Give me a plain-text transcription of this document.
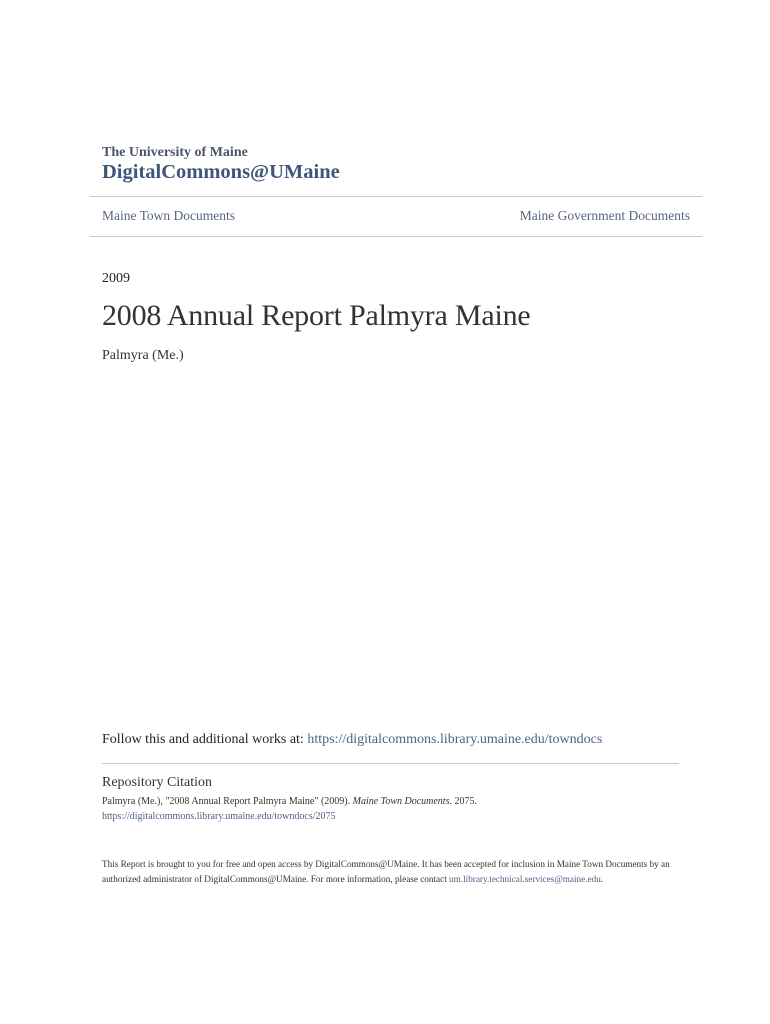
The University of Maine
DigitalCommons@UMaine
Maine Town Documents	Maine Government Documents
2009
2008 Annual Report Palmyra Maine
Palmyra (Me.)
Follow this and additional works at: https://digitalcommons.library.umaine.edu/towndocs
Repository Citation
Palmyra (Me.), "2008 Annual Report Palmyra Maine" (2009). Maine Town Documents. 2075.
https://digitalcommons.library.umaine.edu/towndocs/2075
This Report is brought to you for free and open access by DigitalCommons@UMaine. It has been accepted for inclusion in Maine Town Documents by an authorized administrator of DigitalCommons@UMaine. For more information, please contact um.library.technical.services@maine.edu.
